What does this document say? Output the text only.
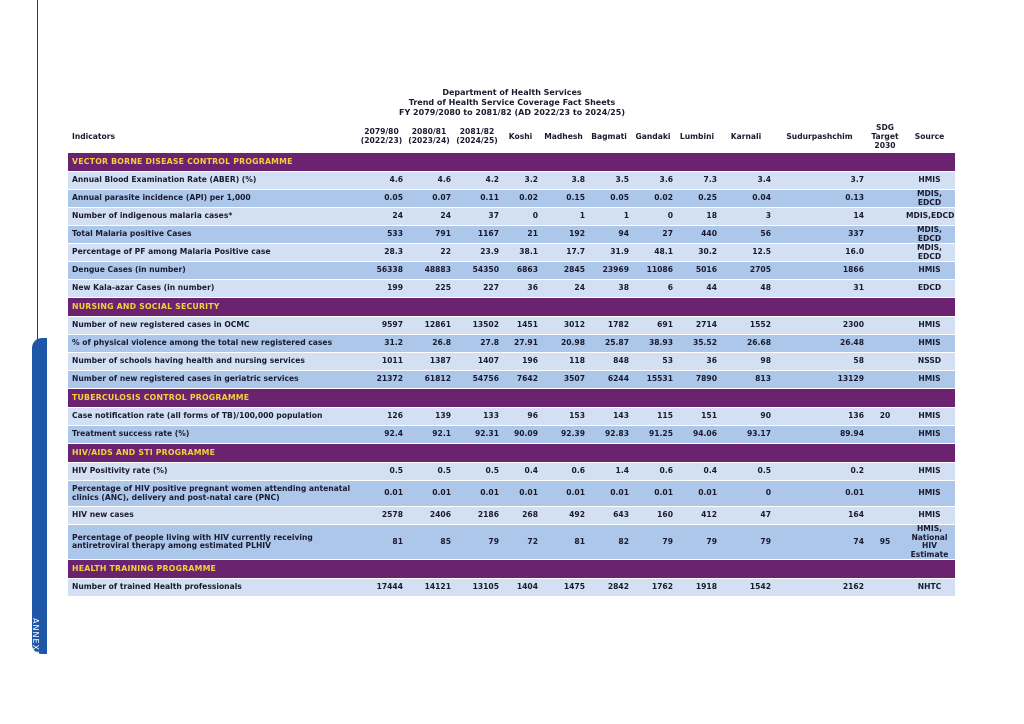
ANNEXES 331
Department of Health Services
Trend of Health Service Coverage Fact Sheets
FY 2079/2080 to 2081/82 (AD 2022/23 to 2024/25)
Indicators	2079/80 (2022/23)	2080/81 (2023/24)	2081/82 (2024/25)	Koshi	Madhesh	Bagmati	Gandaki	Lumbini	Karnali	Sudurpashchim	SDG Target 2030	Source
VECTOR BORNE DISEASE CONTROL PROGRAMME												
Annual Blood Examination Rate (ABER) (%)	4.6	4.6	4.2	3.2	3.8	3.5	3.6	7.3	3.4	3.7		HMIS
Annual parasite incidence (API) per 1,000	0.05	0.07	0.11	0.02	0.15	0.05	0.02	0.25	0.04	0.13		MDIS, EDCD
Number of indigenous malaria cases*	24	24	37	0	1	1	0	18	3	14		MDIS,EDCD
Total Malaria positive Cases	533	791	1167	21	192	94	27	440	56	337		MDIS, EDCD
Percentage of PF among Malaria Positive case	28.3	22	23.9	38.1	17.7	31.9	48.1	30.2	12.5	16.0		MDIS, EDCD
Dengue Cases (in number)	56338	48883	54350	6863	2845	23969	11086	5016	2705	1866		HMIS
New Kala-azar Cases (in number)	199	225	227	36	24	38	6	44	48	31		EDCD
NURSING AND SOCIAL SECURITY												
Number of new registered cases in OCMC	9597	12861	13502	1451	3012	1782	691	2714	1552	2300		HMIS
% of physical violence among the total new registered cases	31.2	26.8	27.8	27.91	20.98	25.87	38.93	35.52	26.68	26.48		HMIS
Number of schools having health and nursing services	1011	1387	1407	196	118	848	53	36	98	58		NSSD
Number of new registered cases in geriatric services	21372	61812	54756	7642	3507	6244	15531	7890	813	13129		HMIS
TUBERCULOSIS CONTROL PROGRAMME												
Case notification rate (all forms of TB)/100,000 population	126	139	133	96	153	143	115	151	90	136	20	HMIS
Treatment success rate (%)	92.4	92.1	92.31	90.09	92.39	92.83	91.25	94.06	93.17	89.94		HMIS
HIV/AIDS AND STI PROGRAMME												
HIV Positivity rate (%)	0.5	0.5	0.5	0.4	0.6	1.4	0.6	0.4	0.5	0.2		HMIS
Percentage of HIV positive pregnant women attending antenatal clinics (ANC), delivery and post-natal care (PNC)	0.01	0.01	0.01	0.01	0.01	0.01	0.01	0.01	0	0.01		HMIS
HIV new cases	2578	2406	2186	268	492	643	160	412	47	164		HMIS
Percentage of people living with HIV currently receiving antiretroviral therapy among estimated PLHIV	81	85	79	72	81	82	79	79	79	74	95	HMIS, National HIV Estimate
HEALTH TRAINING PROGRAMME												
Number of trained Health professionals	17444	14121	13105	1404	1475	2842	1762	1918	1542	2162		NHTC
